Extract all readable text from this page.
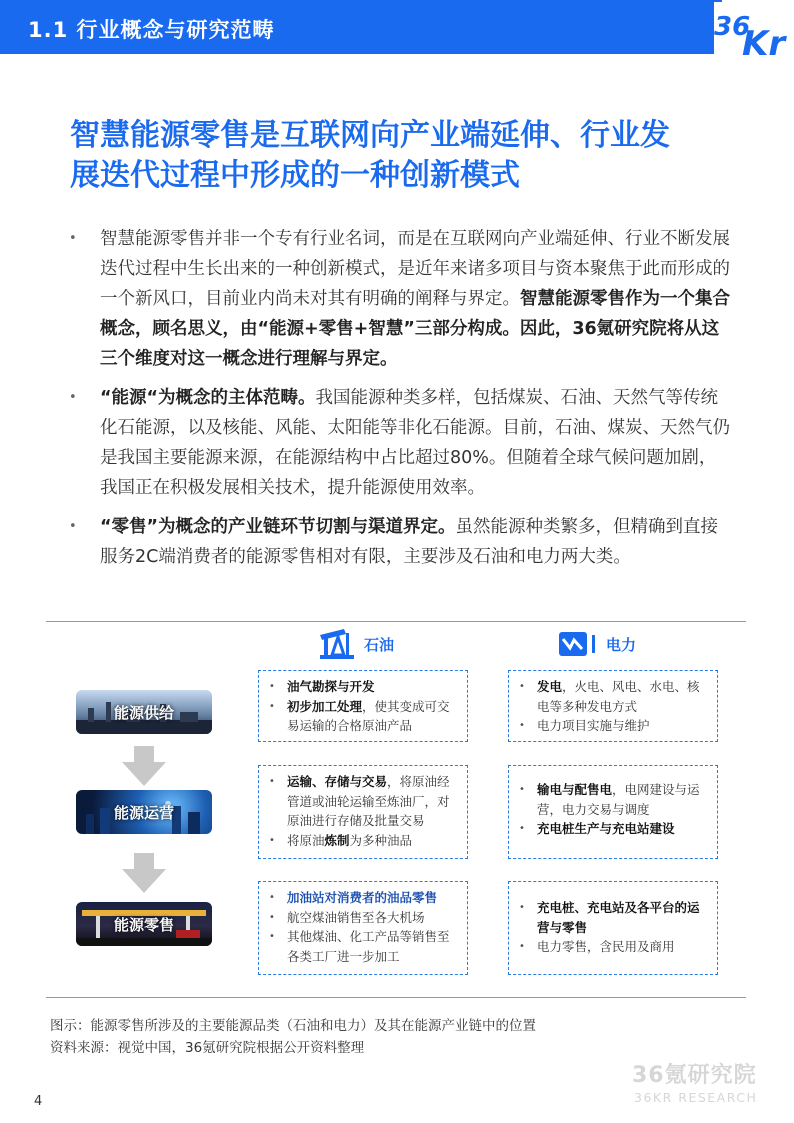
1.1 行业概念与研究范畴	36
Kr
智慧能源零售是互联网向产业端延伸、行业发
展迭代过程中形成的一种创新模式
• 智慧能源零售并非一个专有行业名词，而是在互联网向产业端延伸、行业不断发展迭代过程中生长出来的一种创新模式，是近年来诸多项目与资本聚焦于此而形成的一个新风口，目前业内尚未对其有明确的阐释与界定。智慧能源零售作为一个集合概念，顾名思义，由“能源+零售+智慧”三部分构成。因此，36氪研究院将从这三个维度对这一概念进行理解与界定。
• “能源“为概念的主体范畴。我国能源种类多样，包括煤炭、石油、天然气等传统化石能源，以及核能、风能、太阳能等非化石能源。目前，石油、煤炭、天然气仍是我国主要能源来源，在能源结构中占比超过80%。但随着全球气候问题加剧，我国正在积极发展相关技术，提升能源使用效率。
• “零售”为概念的产业链环节切割与渠道界定。虽然能源种类繁多，但精确到直接服务2C端消费者的能源零售相对有限，主要涉及石油和电力两大类。
石油	电力
能源供给
能源运营
能源零售
• 油气勘探与开发
• 初步加工处理，使其变成可交易运输的合格原油产品
• 运输、存储与交易，将原油经管道或油轮运输至炼油厂，对原油进行存储及批量交易
• 将原油炼制为多种油品
• 加油站对消费者的油品零售
• 航空煤油销售至各大机场
• 其他煤油、化工产品等销售至各类工厂进一步加工
• 发电，火电、风电、水电、核电等多种发电方式
• 电力项目实施与维护
• 输电与配售电，电网建设与运营，电力交易与调度
• 充电桩生产与充电站建设
• 充电桩、充电站及各平台的运营与零售
• 电力零售，含民用及商用
图示：能源零售所涉及的主要能源品类（石油和电力）及其在能源产业链中的位置
资料来源：视觉中国，36氪研究院根据公开资料整理
36氪研究院
36KR RESEARCH
4
